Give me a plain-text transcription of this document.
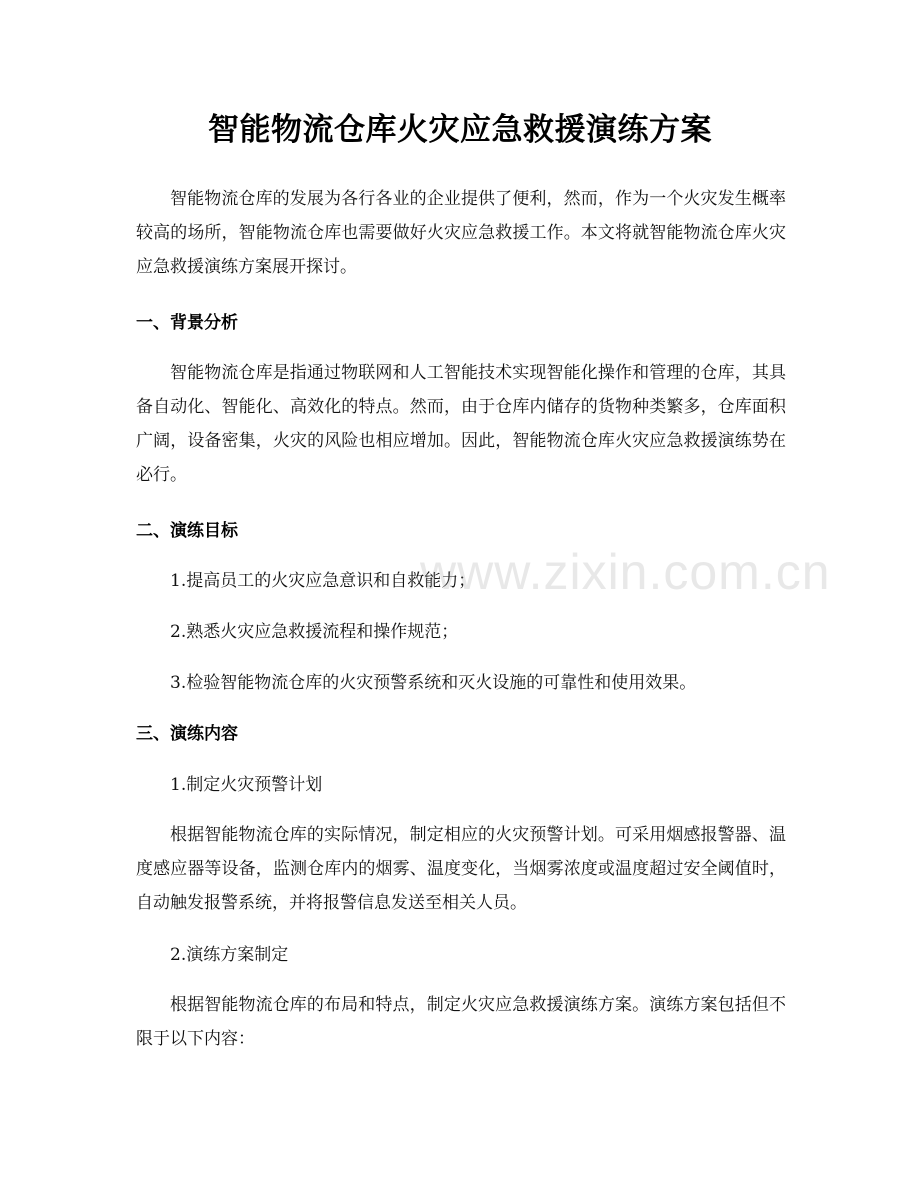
智能物流仓库火灾应急救援演练方案

智能物流仓库的发展为各行各业的企业提供了便利，然而，作为一个火灾发生概率较高的场所，智能物流仓库也需要做好火灾应急救援工作。本文将就智能物流仓库火灾应急救援演练方案展开探讨。

一、背景分析

智能物流仓库是指通过物联网和人工智能技术实现智能化操作和管理的仓库，其具备自动化、智能化、高效化的特点。然而，由于仓库内储存的货物种类繁多，仓库面积广阔，设备密集，火灾的风险也相应增加。因此，智能物流仓库火灾应急救援演练势在必行。

二、演练目标
1.提高员工的火灾应急意识和自救能力；
2.熟悉火灾应急救援流程和操作规范；
3.检验智能物流仓库的火灾预警系统和灭火设施的可靠性和使用效果。
三、演练内容
1.制定火灾预警计划

根据智能物流仓库的实际情况，制定相应的火灾预警计划。可采用烟感报警器、温度感应器等设备，监测仓库内的烟雾、温度变化，当烟雾浓度或温度超过安全阈值时，自动触发报警系统，并将报警信息发送至相关人员。

2.演练方案制定

根据智能物流仓库的布局和特点，制定火灾应急救援演练方案。演练方案包括但不限于以下内容：

www.zixin.com.cn
